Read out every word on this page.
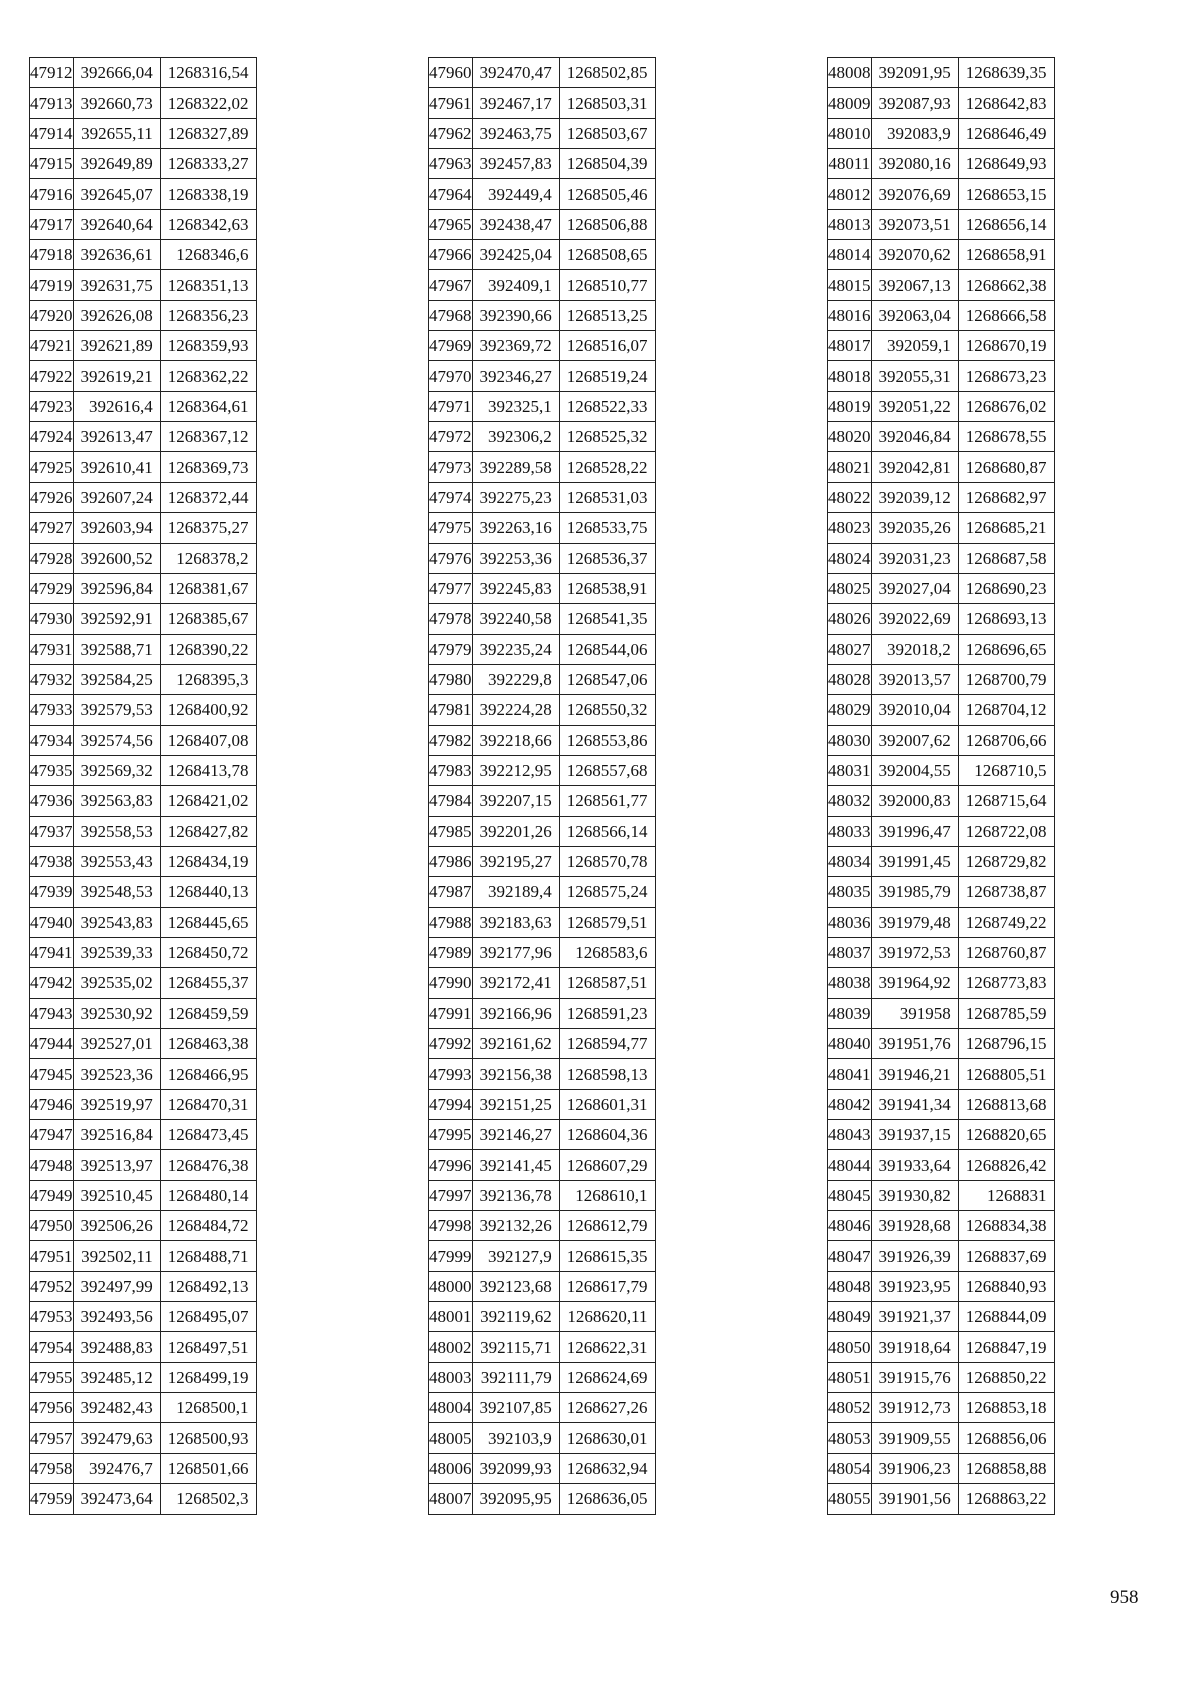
47912	392666,04	1268316,54
47913	392660,73	1268322,02
47914	392655,11	1268327,89
47915	392649,89	1268333,27
47916	392645,07	1268338,19
47917	392640,64	1268342,63
47918	392636,61	1268346,6
47919	392631,75	1268351,13
47920	392626,08	1268356,23
47921	392621,89	1268359,93
47922	392619,21	1268362,22
47923	392616,4	1268364,61
47924	392613,47	1268367,12
47925	392610,41	1268369,73
47926	392607,24	1268372,44
47927	392603,94	1268375,27
47928	392600,52	1268378,2
47929	392596,84	1268381,67
47930	392592,91	1268385,67
47931	392588,71	1268390,22
47932	392584,25	1268395,3
47933	392579,53	1268400,92
47934	392574,56	1268407,08
47935	392569,32	1268413,78
47936	392563,83	1268421,02
47937	392558,53	1268427,82
47938	392553,43	1268434,19
47939	392548,53	1268440,13
47940	392543,83	1268445,65
47941	392539,33	1268450,72
47942	392535,02	1268455,37
47943	392530,92	1268459,59
47944	392527,01	1268463,38
47945	392523,36	1268466,95
47946	392519,97	1268470,31
47947	392516,84	1268473,45
47948	392513,97	1268476,38
47949	392510,45	1268480,14
47950	392506,26	1268484,72
47951	392502,11	1268488,71
47952	392497,99	1268492,13
47953	392493,56	1268495,07
47954	392488,83	1268497,51
47955	392485,12	1268499,19
47956	392482,43	1268500,1
47957	392479,63	1268500,93
47958	392476,7	1268501,66
47959	392473,64	1268502,3
47960	392470,47	1268502,85
47961	392467,17	1268503,31
47962	392463,75	1268503,67
47963	392457,83	1268504,39
47964	392449,4	1268505,46
47965	392438,47	1268506,88
47966	392425,04	1268508,65
47967	392409,1	1268510,77
47968	392390,66	1268513,25
47969	392369,72	1268516,07
47970	392346,27	1268519,24
47971	392325,1	1268522,33
47972	392306,2	1268525,32
47973	392289,58	1268528,22
47974	392275,23	1268531,03
47975	392263,16	1268533,75
47976	392253,36	1268536,37
47977	392245,83	1268538,91
47978	392240,58	1268541,35
47979	392235,24	1268544,06
47980	392229,8	1268547,06
47981	392224,28	1268550,32
47982	392218,66	1268553,86
47983	392212,95	1268557,68
47984	392207,15	1268561,77
47985	392201,26	1268566,14
47986	392195,27	1268570,78
47987	392189,4	1268575,24
47988	392183,63	1268579,51
47989	392177,96	1268583,6
47990	392172,41	1268587,51
47991	392166,96	1268591,23
47992	392161,62	1268594,77
47993	392156,38	1268598,13
47994	392151,25	1268601,31
47995	392146,27	1268604,36
47996	392141,45	1268607,29
47997	392136,78	1268610,1
47998	392132,26	1268612,79
47999	392127,9	1268615,35
48000	392123,68	1268617,79
48001	392119,62	1268620,11
48002	392115,71	1268622,31
48003	392111,79	1268624,69
48004	392107,85	1268627,26
48005	392103,9	1268630,01
48006	392099,93	1268632,94
48007	392095,95	1268636,05
48008	392091,95	1268639,35
48009	392087,93	1268642,83
48010	392083,9	1268646,49
48011	392080,16	1268649,93
48012	392076,69	1268653,15
48013	392073,51	1268656,14
48014	392070,62	1268658,91
48015	392067,13	1268662,38
48016	392063,04	1268666,58
48017	392059,1	1268670,19
48018	392055,31	1268673,23
48019	392051,22	1268676,02
48020	392046,84	1268678,55
48021	392042,81	1268680,87
48022	392039,12	1268682,97
48023	392035,26	1268685,21
48024	392031,23	1268687,58
48025	392027,04	1268690,23
48026	392022,69	1268693,13
48027	392018,2	1268696,65
48028	392013,57	1268700,79
48029	392010,04	1268704,12
48030	392007,62	1268706,66
48031	392004,55	1268710,5
48032	392000,83	1268715,64
48033	391996,47	1268722,08
48034	391991,45	1268729,82
48035	391985,79	1268738,87
48036	391979,48	1268749,22
48037	391972,53	1268760,87
48038	391964,92	1268773,83
48039	391958	1268785,59
48040	391951,76	1268796,15
48041	391946,21	1268805,51
48042	391941,34	1268813,68
48043	391937,15	1268820,65
48044	391933,64	1268826,42
48045	391930,82	1268831
48046	391928,68	1268834,38
48047	391926,39	1268837,69
48048	391923,95	1268840,93
48049	391921,37	1268844,09
48050	391918,64	1268847,19
48051	391915,76	1268850,22
48052	391912,73	1268853,18
48053	391909,55	1268856,06
48054	391906,23	1268858,88
48055	391901,56	1268863,22
958
